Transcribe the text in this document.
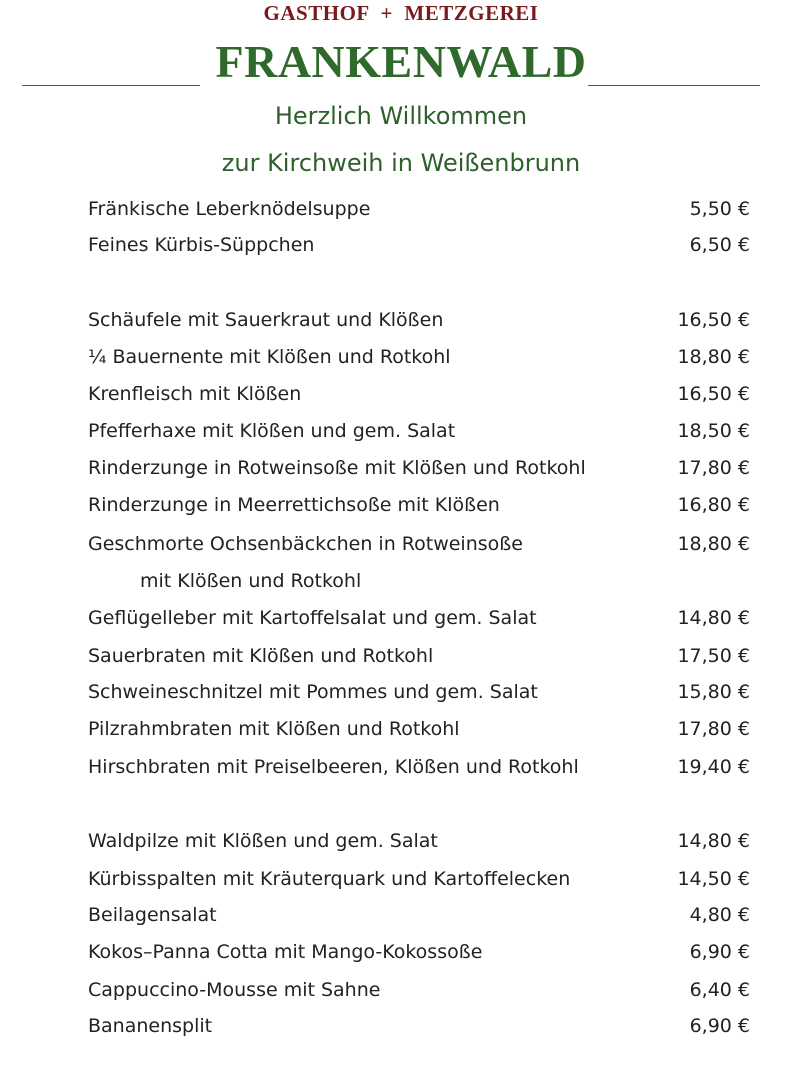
GASTHOF  +  METZGEREI
FRANKENWALD
Herzlich Willkommen
zur Kirchweih in Weißenbrunn
Fränkische Leberknödelsuppe	5,50 €
Feines Kürbis-Süppchen	6,50 €
Schäufele mit Sauerkraut und Klößen	16,50 €
¼ Bauernente mit Klößen und Rotkohl	18,80 €
Krenfleisch mit Klößen	16,50 €
Pfefferhaxe mit Klößen und gem. Salat	18,50 €
Rinderzunge in Rotweinsoße mit Klößen und Rotkohl	17,80 €
Rinderzunge in Meerrettichsoße mit Klößen	16,80 €
Geschmorte Ochsenbäckchen in Rotweinsoße	18,80 €
mit Klößen und Rotkohl
Geflügelleber mit Kartoffelsalat und gem. Salat	14,80 €
Sauerbraten mit Klößen und Rotkohl	17,50 €
Schweineschnitzel mit Pommes und gem. Salat	15,80 €
Pilzrahmbraten mit Klößen und Rotkohl	17,80 €
Hirschbraten mit Preiselbeeren, Klößen und Rotkohl	19,40 €
Waldpilze mit Klößen und gem. Salat	14,80 €
Kürbisspalten mit Kräuterquark und Kartoffelecken	14,50 €
Beilagensalat	4,80 €
Kokos–Panna Cotta mit Mango-Kokossoße	6,90 €
Cappuccino-Mousse mit Sahne	6,40 €
Bananensplit	6,90 €
